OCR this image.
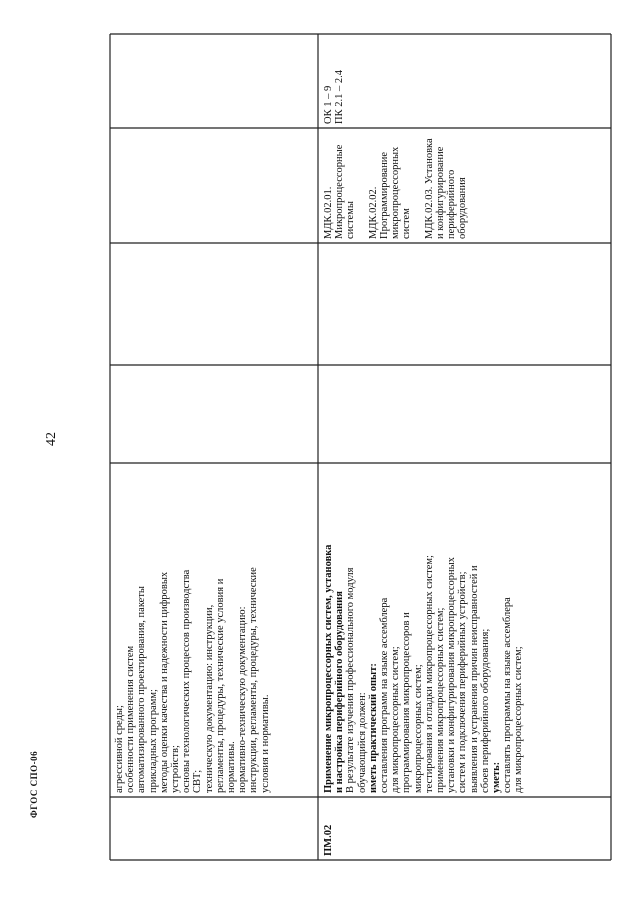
42
ФГОС СПО-06	агрессивной среды; особенности применения систем автоматизированного проектирования, пакеты прикладных программ; методы оценки качества и надежности цифровых устройств; основы технологических процессов производства СВТ; техническую документацию: инструкции, регламенты, процедуры, технические условия и нормативы. нормативно-техническую документацию: инструкции, регламенты, процедуры, технические условия и нормативы.

ПМ.02

Применение микропроцессорных систем, установка и настройка периферийного оборудования В результате изучения профессионального модуля обучающийся должен: иметь практический опыт: составления программ на языке ассемблера для микропроцессорных систем; программирования микропроцессоров и микропроцессорных систем; тестирования и отладки микропроцессорных систем; применения микропроцессорных систем; установки и конфигурирования микропроцессорных систем и подключения периферийных устройств; выявления и устранения причин неисправностей и сбоев периферийного оборудования; уметь: составлять программы на языке ассемблера для микропроцессорных систем;

МДК.02.01. Микропроцессорные системы

МДК.02.02. Программирование микропроцессорных систем

МДК.02.03. Установка и конфигурирование периферийного оборудования

ОК 1 – 9 ПК 2.1 – 2.4
